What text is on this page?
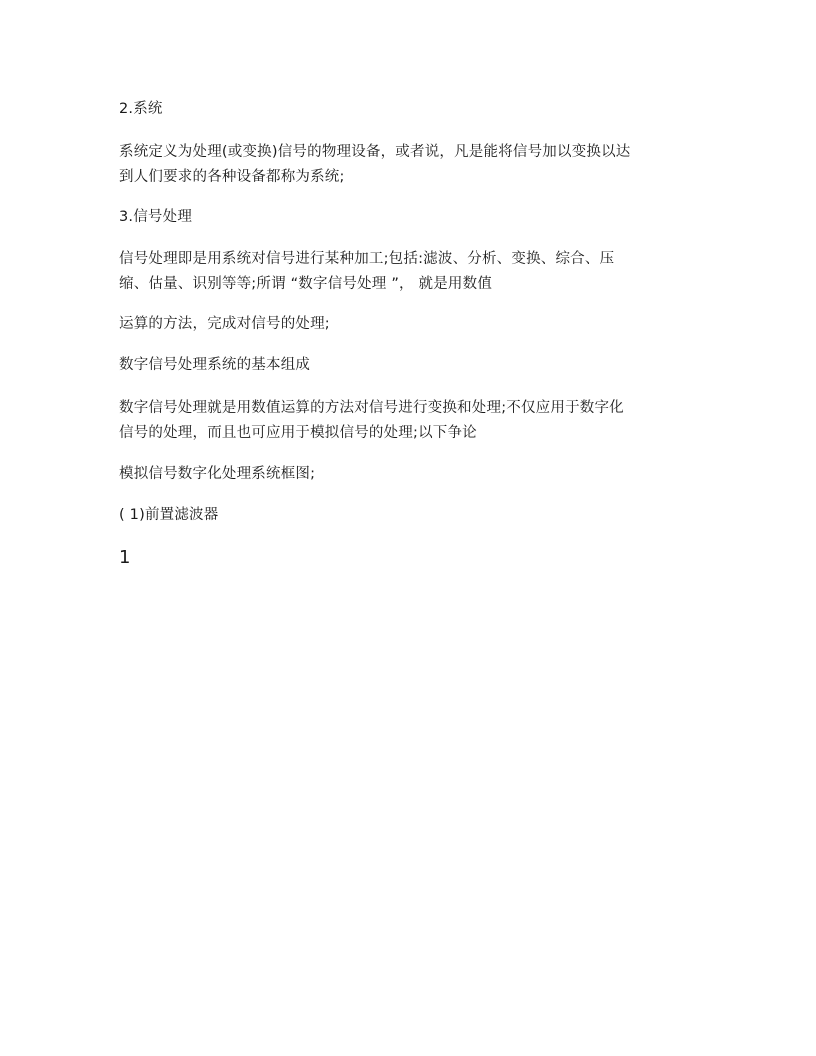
2.系统
系统定义为处理(或变换)信号的物理设备，或者说，凡是能将信号加以变换以达
到人们要求的各种设备都称为系统;
3.信号处理
信号处理即是用系统对信号进行某种加工;包括:滤波、分析、变换、综合、压
缩、估量、识别等等;所谓 “数字信号处理 ”， 就是用数值
运算的方法，完成对信号的处理;
数字信号处理系统的基本组成
数字信号处理就是用数值运算的方法对信号进行变换和处理;不仅应用于数字化
信号的处理，而且也可应用于模拟信号的处理;以下争论
模拟信号数字化处理系统框图;
( 1)前置滤波器
1
